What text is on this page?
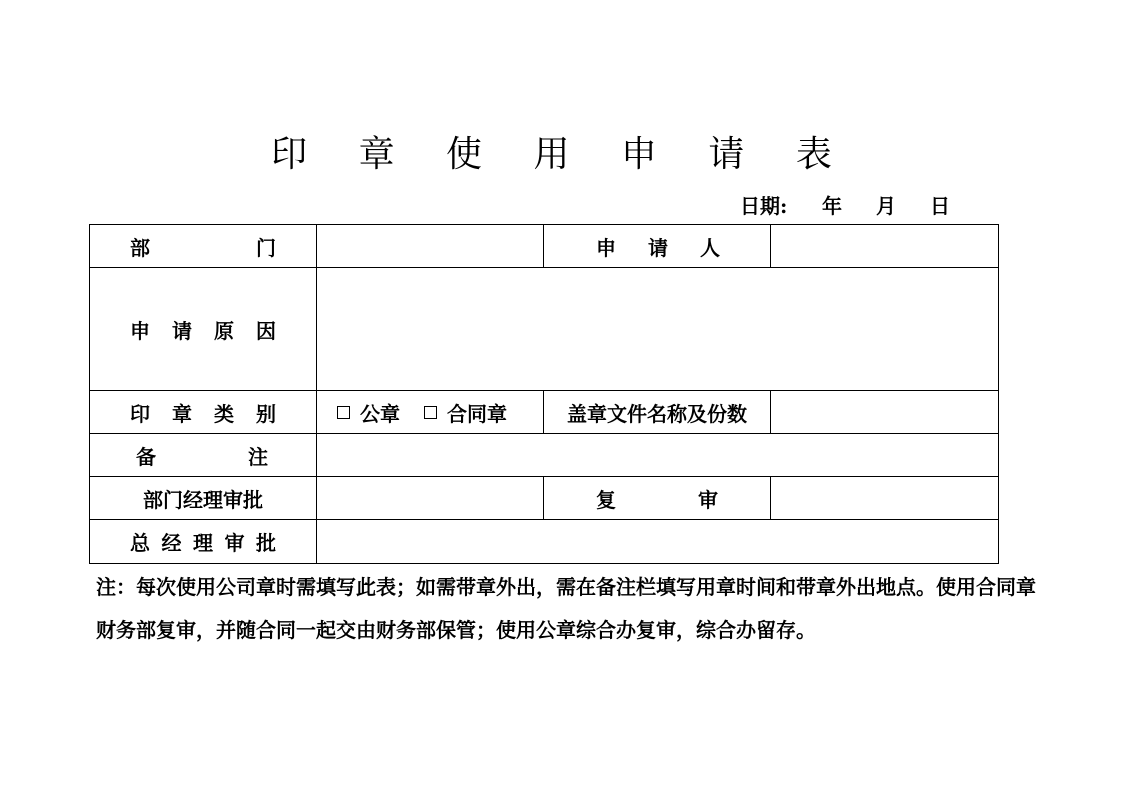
印 章 使 用 申 请 表
日期: 年 月 日
部 门		申 请 人	

申 请 原 因			

印 章 类 别	公章 合同章	盖章文件名称及份数	

备 注			

部门经理审批		复 审	

总 经 理 审 批			

注：每次使用公司章时需填写此表；如需带章外出，需在备注栏填写用章时间和带章外出地点。使用合同章财务部复审，并随合同一起交由财务部保管；使用公章综合办复审，综合办留存。
